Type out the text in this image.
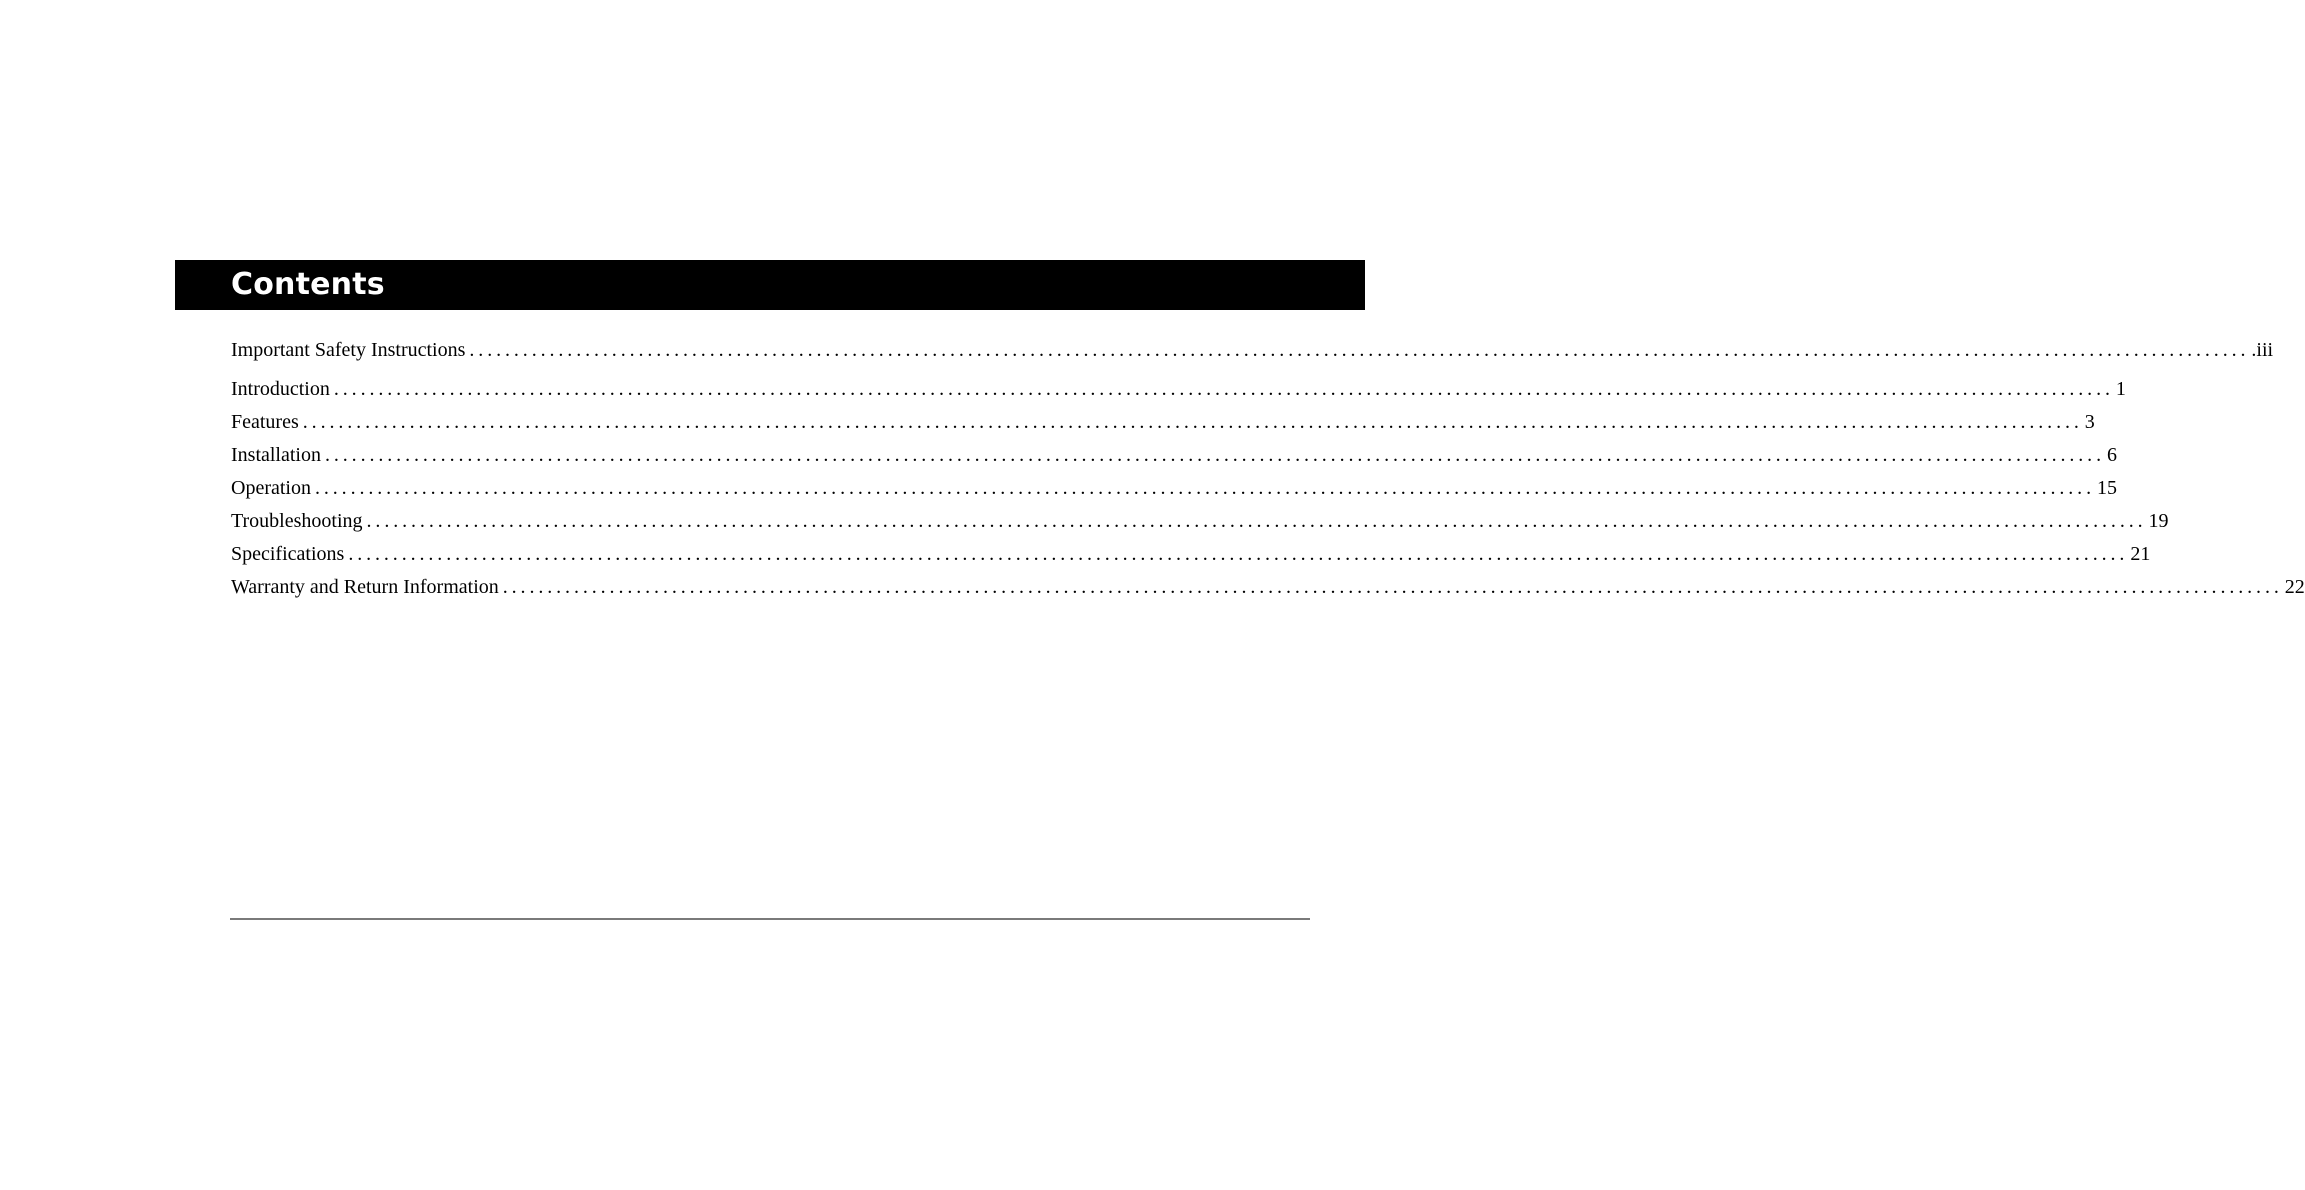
Contents
Important Safety Instructions ........................................................................................................................................................................................................ .iii
Introduction ........................................................................................................................................................................................................ 1
Features ........................................................................................................................................................................................................ 3
Installation ........................................................................................................................................................................................................ 6
Operation ........................................................................................................................................................................................................ 15
Troubleshooting ........................................................................................................................................................................................................ 19
Specifications ........................................................................................................................................................................................................ 21
Warranty and Return Information ........................................................................................................................................................................................................ 22
